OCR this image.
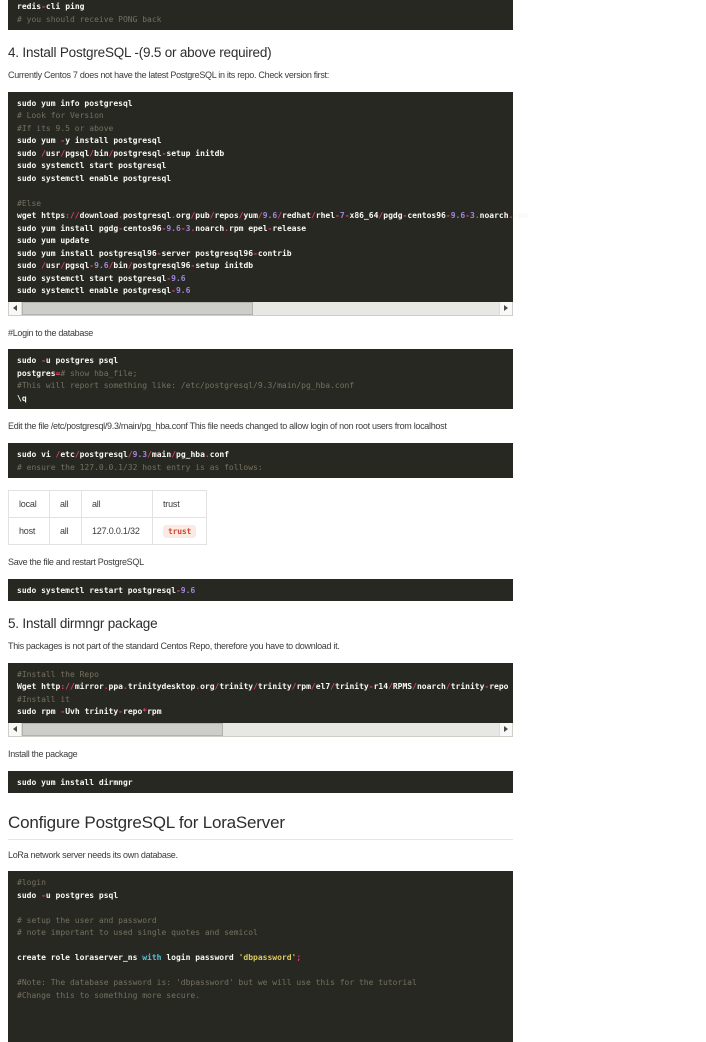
redis-cli ping
# you should receive PONG back
4. Install PostgreSQL -(9.5 or above required)

Currently Centos 7 does not have the latest PostgreSQL in its repo. Check version first:

sudo yum info postgresql
# Look for Version
#If its 9.5 or above
sudo yum -y install postgresql
sudo /usr/pgsql/bin/postgresql-setup initdb
sudo systemctl start postgresql
sudo systemctl enable postgresql

#Else
wget https://download.postgresql.org/pub/repos/yum/9.6/redhat/rhel-7-x86_64/pgdg-centos96-9.6-3.noarch.rpm
sudo yum install pgdg-centos96-9.6-3.noarch.rpm epel-release
sudo yum update
sudo yum install postgresql96-server postgresql96-contrib
sudo /usr/pgsql-9.6/bin/postgresql96-setup initdb
sudo systemctl start postgresql-9.6
sudo systemctl enable postgresql-9.6

#Login to the database

sudo -u postgres psql
postgres=# show hba_file;
#This will report something like: /etc/postgresql/9.3/main/pg_hba.conf
\q

Edit the file /etc/postgresql/9.3/main/pg_hba.conf This file needs changed to allow login of non root users from localhost

sudo vi /etc/postgresql/9.3/main/pg_hba.conf
# ensure the 127.0.0.1/32 host entry is as follows:
local	all	all	trust
host	all	127.0.0.1/32	trust

Save the file and restart PostgreSQL

sudo systemctl restart postgresql-9.6
5. Install dirmngr package

This packages is not part of the standard Centos Repo, therefore you have to download it.

#Install the Repo
Wget http://mirror.ppa.trinitydesktop.org/trinity/trinity/rpm/el7/trinity-r14/RPMS/noarch/trinity-repo
#Install it
sudo rpm -Uvh trinity-repo*rpm

Install the package

sudo yum install dirmngr
Configure PostgreSQL for LoraServer

LoRa network server needs its own database.

#login
sudo -u postgres psql

# setup the user and password
# note important to used single quotes and semicol

create role loraserver_ns with login password 'dbpassword';

#Note: The database password is: 'dbpassword' but we will use this for the tutorial
#Change this to something more secure.
